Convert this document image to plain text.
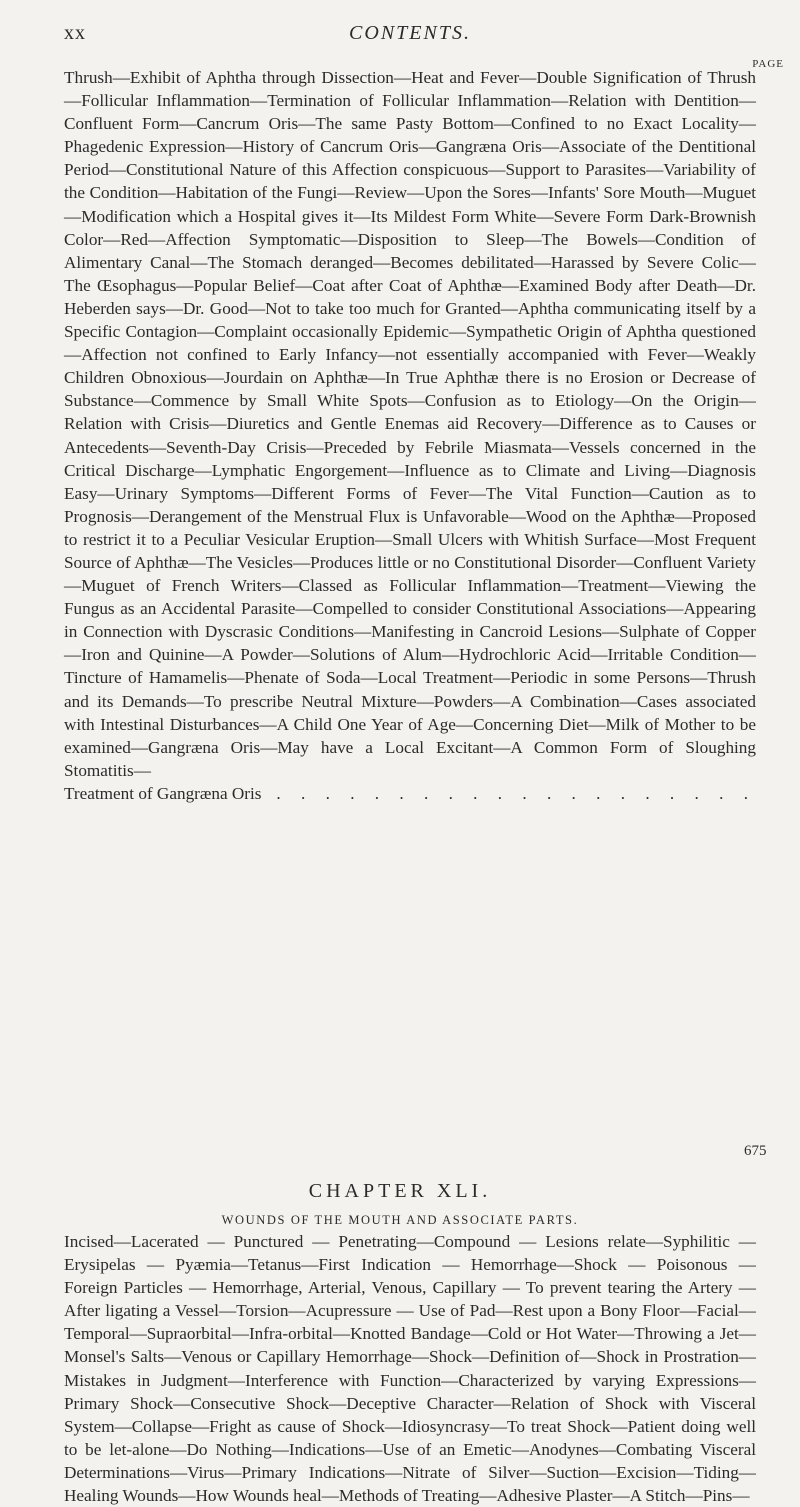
xx	CONTENTS.
PAGE
Thrush—Exhibit of Aphtha through Dissection—Heat and Fever—Double Signification of Thrush—Follicular Inflammation—Termination of Follicular Inflammation—Relation with Dentition—Confluent Form—Cancrum Oris—The same Pasty Bottom—Confined to no Exact Locality—Phagedenic Expression—History of Cancrum Oris—Gangræna Oris—Associate of the Dentitional Period—Constitutional Nature of this Affection conspicuous—Support to Parasites—Variability of the Condition—Habitation of the Fungi—Review—Upon the Sores—Infants' Sore Mouth—Muguet—Modification which a Hospital gives it—Its Mildest Form White—Severe Form Dark-Brownish Color—Red—Affection Symptomatic—Disposition to Sleep—The Bowels—Condition of Alimentary Canal—The Stomach deranged—Becomes debilitated—Harassed by Severe Colic—The Œsophagus—Popular Belief—Coat after Coat of Aphthæ—Examined Body after Death—Dr. Heberden says—Dr. Good—Not to take too much for Granted—Aphtha communicating itself by a Specific Contagion—Complaint occasionally Epidemic—Sympathetic Origin of Aphtha questioned—Affection not confined to Early Infancy—not essentially accompanied with Fever—Weakly Children Obnoxious—Jourdain on Aphthæ—In True Aphthæ there is no Erosion or Decrease of Substance—Commence by Small White Spots—Confusion as to Etiology—On the Origin—Relation with Crisis—Diuretics and Gentle Enemas aid Recovery—Difference as to Causes or Antecedents—Seventh-Day Crisis—Preceded by Febrile Miasmata—Vessels concerned in the Critical Discharge—Lymphatic Engorgement—Influence as to Climate and Living—Diagnosis Easy—Urinary Symptoms—Different Forms of Fever—The Vital Function—Caution as to Prognosis—Derangement of the Menstrual Flux is Unfavorable—Wood on the Aphthæ—Proposed to restrict it to a Peculiar Vesicular Eruption—Small Ulcers with Whitish Surface—Most Frequent Source of Aphthæ—The Vesicles—Produces little or no Constitutional Disorder—Confluent Variety—Muguet of French Writers—Classed as Follicular Inflammation—Treatment—Viewing the Fungus as an Accidental Parasite—Compelled to consider Constitutional Associations—Appearing in Connection with Dyscrasic Conditions—Manifesting in Cancroid Lesions—Sulphate of Copper—Iron and Quinine—A Powder—Solutions of Alum—Hydrochloric Acid—Irritable Condition—Tincture of Hamamelis—Phenate of Soda—Local Treatment—Periodic in some Persons—Thrush and its Demands—To prescribe Neutral Mixture—Powders—A Combination—Cases associated with Intestinal Disturbances—A Child One Year of Age—Concerning Diet—Milk of Mother to be examined—Gangræna Oris—May have a Local Excitant—A Common Form of Sloughing Stomatitis—
Treatment of Gangræna Oris . . . . . . . . . . . . . . . . . . . .
675
CHAPTER XLI.
WOUNDS OF THE MOUTH AND ASSOCIATE PARTS.
Incised—Lacerated — Punctured — Penetrating—Compound — Lesions relate—Syphilitic — Erysipelas — Pyæmia—Tetanus—First Indication — Hemorrhage—Shock — Poisonous — Foreign Particles — Hemorrhage, Arterial, Venous, Capillary — To prevent tearing the Artery — After ligating a Vessel—Torsion—Acupressure — Use of Pad—Rest upon a Bony Floor—Facial—Temporal—Supraorbital—Infra-orbital—Knotted Bandage—Cold or Hot Water—Throwing a Jet—Monsel's Salts—Venous or Capillary Hemorrhage—Shock—Definition of—Shock in Prostration—Mistakes in Judgment—Interference with Function—Characterized by varying Expressions—Primary Shock—Consecutive Shock—Deceptive Character—Relation of Shock with Visceral System—Collapse—Fright as cause of Shock—Idiosyncrasy—To treat Shock—Patient doing well to be let-alone—Do Nothing—Indications—Use of an Emetic—Anodynes—Combating Visceral Determinations—Virus—Primary Indications—Nitrate of Silver—Suction—Excision—Tiding—Healing Wounds—How Wounds heal—Methods of Treating—Adhesive Plaster—A Stitch—Pins—
